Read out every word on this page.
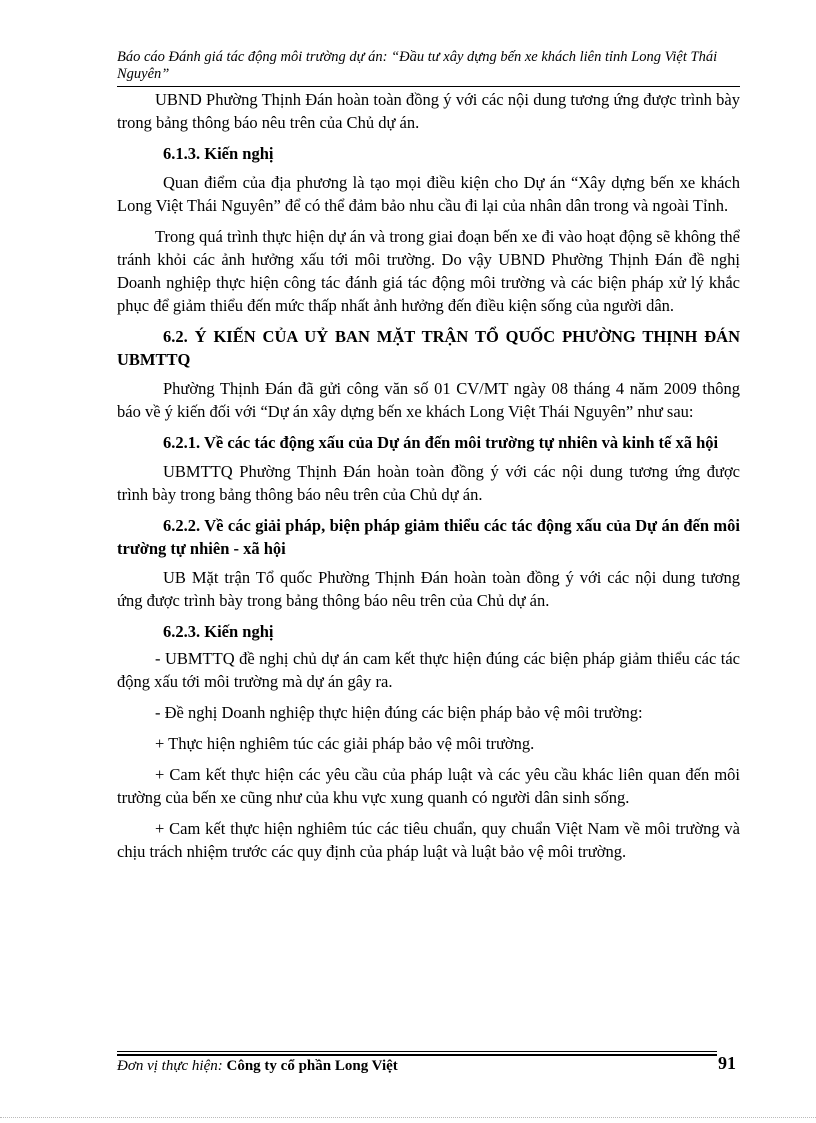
Báo cáo Đánh giá tác động môi trường dự án: “Đầu tư xây dựng bến xe khách liên tỉnh Long Việt Thái Nguyên”

UBND Phường Thịnh Đán hoàn toàn đồng ý với các nội dung tương ứng được trình bày trong bảng thông báo nêu trên của Chủ dự án.

6.1.3. Kiến nghị

Quan điểm của địa phương là tạo mọi điều kiện cho Dự án “Xây dựng bến xe khách Long Việt Thái Nguyên” để có thể đảm bảo nhu cầu đi lại của nhân dân trong và ngoài Tỉnh.

Trong quá trình thực hiện dự án và trong giai đoạn bến xe đi vào hoạt động sẽ không thể tránh khỏi các ảnh hưởng xấu tới môi trường. Do vậy UBND Phường Thịnh Đán đề nghị Doanh nghiệp thực hiện công tác đánh giá tác động môi trường và các biện pháp xử lý khắc phục để giảm thiểu đến mức thấp nhất ảnh hưởng đến điều kiện sống của người dân.

6.2. Ý KIẾN CỦA UỶ BAN MẶT TRẬN TỔ QUỐC PHƯỜNG THỊNH ĐÁN UBMTTQ

Phường Thịnh Đán đã gửi công văn số 01 CV/MT ngày 08 tháng 4 năm 2009 thông báo về ý kiến đối với “Dự án xây dựng bến xe khách Long Việt Thái Nguyên” như sau:

6.2.1. Về các tác động xấu của Dự án đến môi trường tự nhiên và kinh tế xã hội

UBMTTQ Phường Thịnh Đán hoàn toàn đồng ý với các nội dung tương ứng được trình bày trong bảng thông báo nêu trên của Chủ dự án.

6.2.2. Về các giải pháp, biện pháp giảm thiểu các tác động xấu của Dự án đến môi trường tự nhiên - xã hội

UB Mặt trận Tổ quốc Phường Thịnh Đán hoàn toàn đồng ý với các nội dung tương ứng được trình bày trong bảng thông báo nêu trên của Chủ dự án.

6.2.3. Kiến nghị

- UBMTTQ đề nghị chủ dự án cam kết thực hiện đúng các biện pháp giảm thiểu các tác động xấu tới môi trường mà dự án gây ra.

- Đề nghị Doanh nghiệp thực hiện đúng các biện pháp bảo vệ môi trường:

+ Thực hiện nghiêm túc các giải pháp bảo vệ môi trường.

+ Cam kết thực hiện các yêu cầu của pháp luật và các yêu cầu khác liên quan đến môi trường của bến xe cũng như của khu vực xung quanh có người dân sinh sống.

+ Cam kết thực hiện nghiêm túc các tiêu chuẩn, quy chuẩn Việt Nam về môi trường và chịu trách nhiệm trước các quy định của pháp luật và luật bảo vệ môi trường.

Đơn vị thực hiện: Công ty cổ phần Long Việt	91
